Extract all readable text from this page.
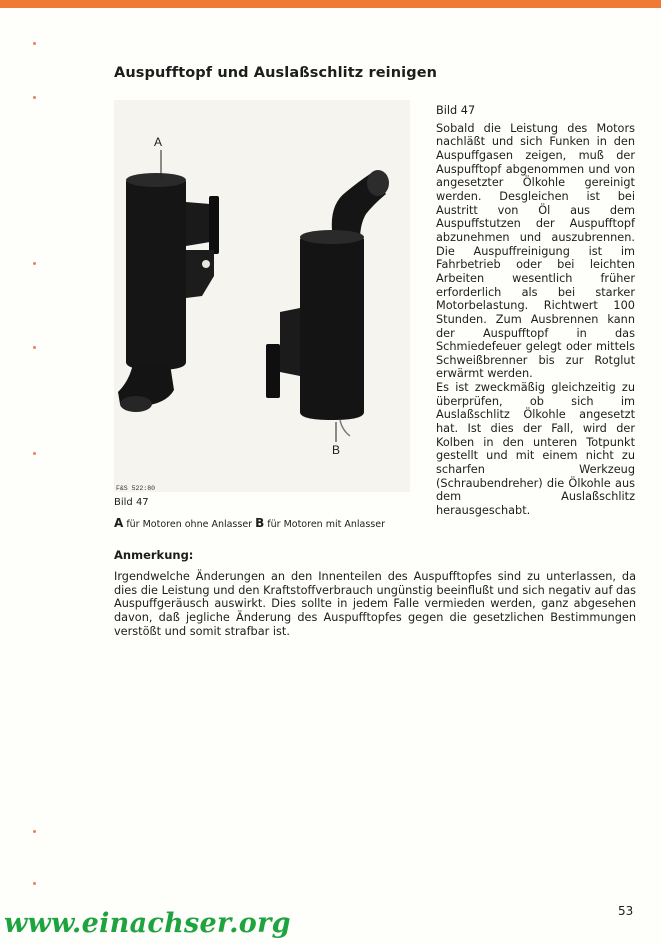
Auspufftopf und Auslaßschlitz reinigen
A
B
F&S 522:80
Bild 47
Sobald die Leistung des Motors nachläßt und sich Funken in den Auspuffgasen zeigen, muß der Auspufftopf abgenommen und von angesetzter Ölkohle gereinigt werden. Desgleichen ist bei Austritt von Öl aus dem Auspuffstutzen der Auspufftopf abzunehmen und auszubrennen. Die Auspuffreinigung ist im Fahrbetrieb oder bei leichten Arbeiten wesentlich früher erforderlich als bei starker Motorbelastung. Richtwert 100 Stunden. Zum Ausbrennen kann der Auspufftopf in das Schmiedefeuer gelegt oder mittels Schweißbrenner bis zur Rotglut erwärmt werden.
Es ist zweckmäßig gleichzeitig zu überprüfen, ob sich im Auslaßschlitz Ölkohle angesetzt hat. Ist dies der Fall, wird der Kolben in den unteren Totpunkt gestellt und mit einem nicht zu scharfen Werkzeug (Schraubendreher) die Ölkohle aus dem Auslaßschlitz herausgeschabt.

Bild 47

A für Motoren ohne Anlasser B für Motoren mit Anlasser

Anmerkung:

Irgendwelche Änderungen an den Innenteilen des Auspufftopfes sind zu unterlassen, da dies die Leistung und den Kraftstoffverbrauch ungünstig beeinflußt und sich negativ auf das Auspuffgeräusch auswirkt. Dies sollte in jedem Falle vermieden werden, ganz abgesehen davon, daß jegliche Änderung des Auspufftopfes gegen die gesetzlichen Bestimmungen verstößt und somit strafbar ist.

53

www.einachser.org
